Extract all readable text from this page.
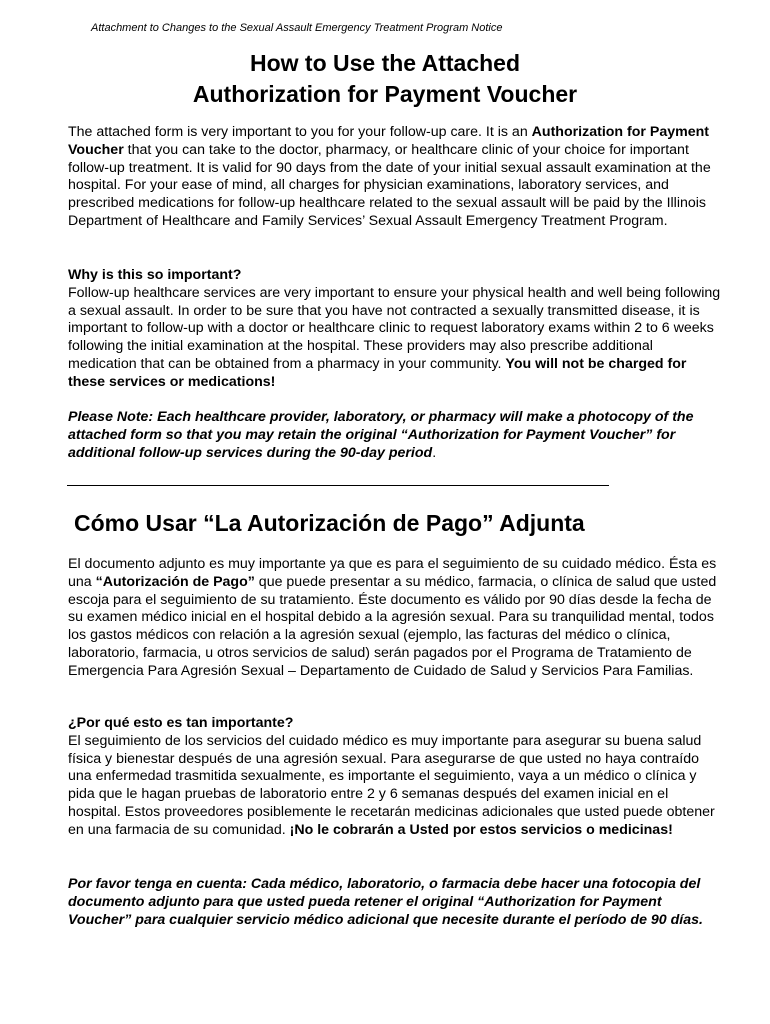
Attachment to Changes to the Sexual Assault Emergency Treatment Program Notice
How to Use the Attached
Authorization for Payment Voucher
The attached form is very important to you for your follow-up care. It is an Authorization for Payment Voucher that you can take to the doctor, pharmacy, or healthcare clinic of your choice for important follow-up treatment. It is valid for 90 days from the date of your initial sexual assault examination at the hospital. For your ease of mind, all charges for physician examinations, laboratory services, and prescribed medications for follow-up healthcare related to the sexual assault will be paid by the Illinois Department of Healthcare and Family Services’ Sexual Assault Emergency Treatment Program.
Why is this so important?
Follow-up healthcare services are very important to ensure your physical health and well being following a sexual assault. In order to be sure that you have not contracted a sexually transmitted disease, it is important to follow-up with a doctor or healthcare clinic to request laboratory exams within 2 to 6 weeks following the initial examination at the hospital. These providers may also prescribe additional medication that can be obtained from a pharmacy in your community. You will not be charged for these services or medications!
Please Note: Each healthcare provider, laboratory, or pharmacy will make a photocopy of the attached form so that you may retain the original “Authorization for Payment Voucher” for additional follow-up services during the 90-day period.
Cómo Usar “La Autorización de Pago” Adjunta
El documento adjunto es muy importante ya que es para el seguimiento de su cuidado médico. Ésta es una “Autorización de Pago” que puede presentar a su médico, farmacia, o clínica de salud que usted escoja para el seguimiento de su tratamiento. Éste documento es válido por 90 días desde la fecha de su examen médico inicial en el hospital debido a la agresión sexual. Para su tranquilidad mental, todos los gastos médicos con relación a la agresión sexual (ejemplo, las facturas del médico o clínica, laboratorio, farmacia, u otros servicios de salud) serán pagados por el Programa de Tratamiento de Emergencia Para Agresión Sexual – Departamento de Cuidado de Salud y Servicios Para Familias.
¿Por qué esto es tan importante?
El seguimiento de los servicios del cuidado médico es muy importante para asegurar su buena salud física y bienestar después de una agresión sexual. Para asegurarse de que usted no haya contraído una enfermedad trasmitida sexualmente, es importante el seguimiento, vaya a un médico o clínica y pida que le hagan pruebas de laboratorio entre 2 y 6 semanas después del examen inicial en el hospital. Estos proveedores posiblemente le recetarán medicinas adicionales que usted puede obtener en una farmacia de su comunidad. ¡No le cobrarán a Usted por estos servicios o medicinas!
Por favor tenga en cuenta: Cada médico, laboratorio, o farmacia debe hacer una fotocopia del documento adjunto para que usted pueda retener el original “Authorization for Payment Voucher” para cualquier servicio médico adicional que necesite durante el período de 90 días.
